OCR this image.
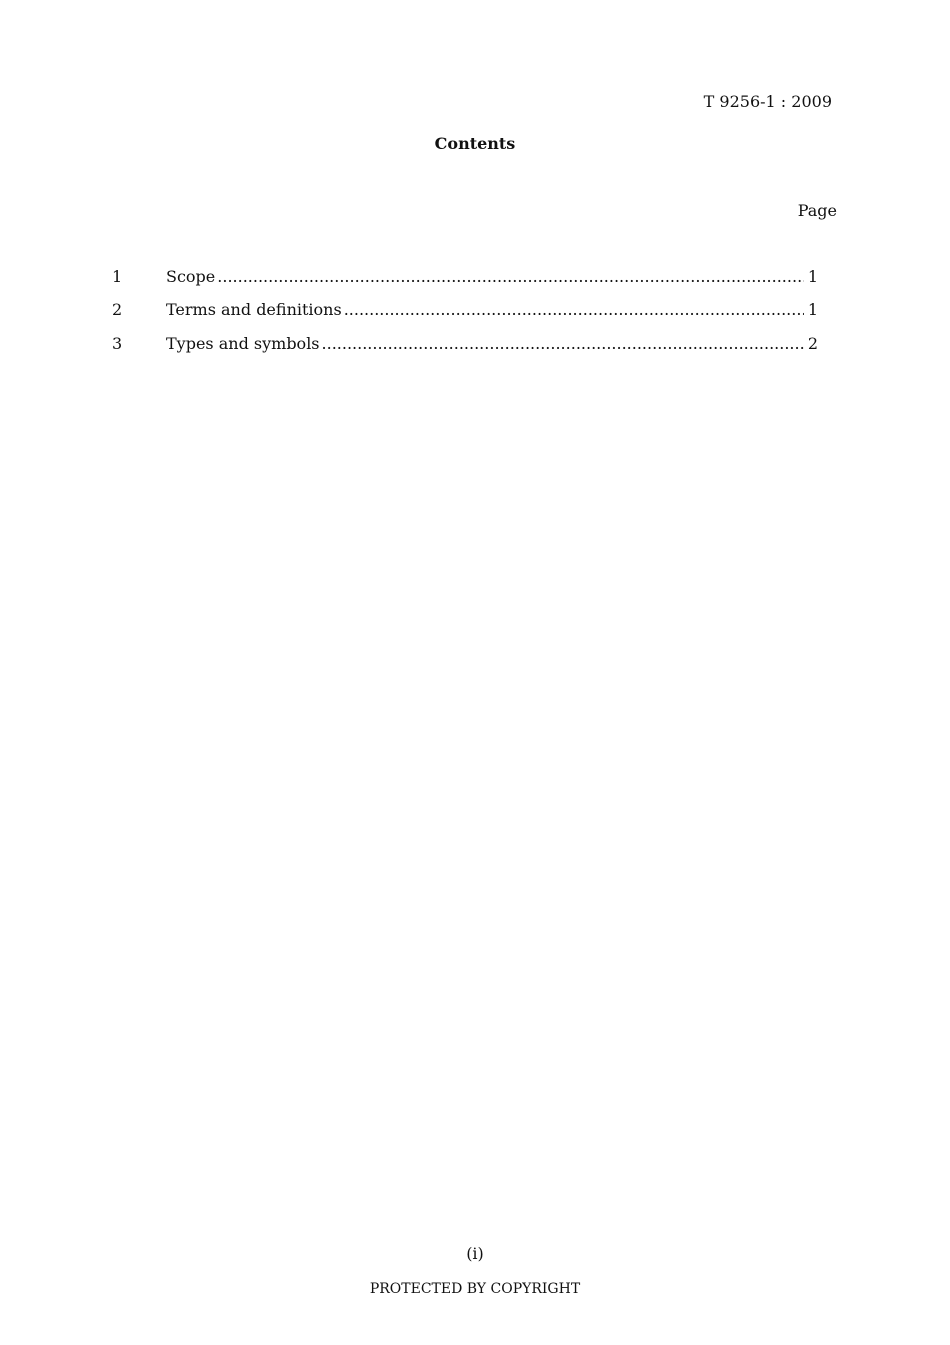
T 9256-1 : 2009
Contents
Page
1	Scope .....	1
2	Terms and definitions .....	1
3	Types and symbols .....	2
(i)
PROTECTED BY COPYRIGHT
